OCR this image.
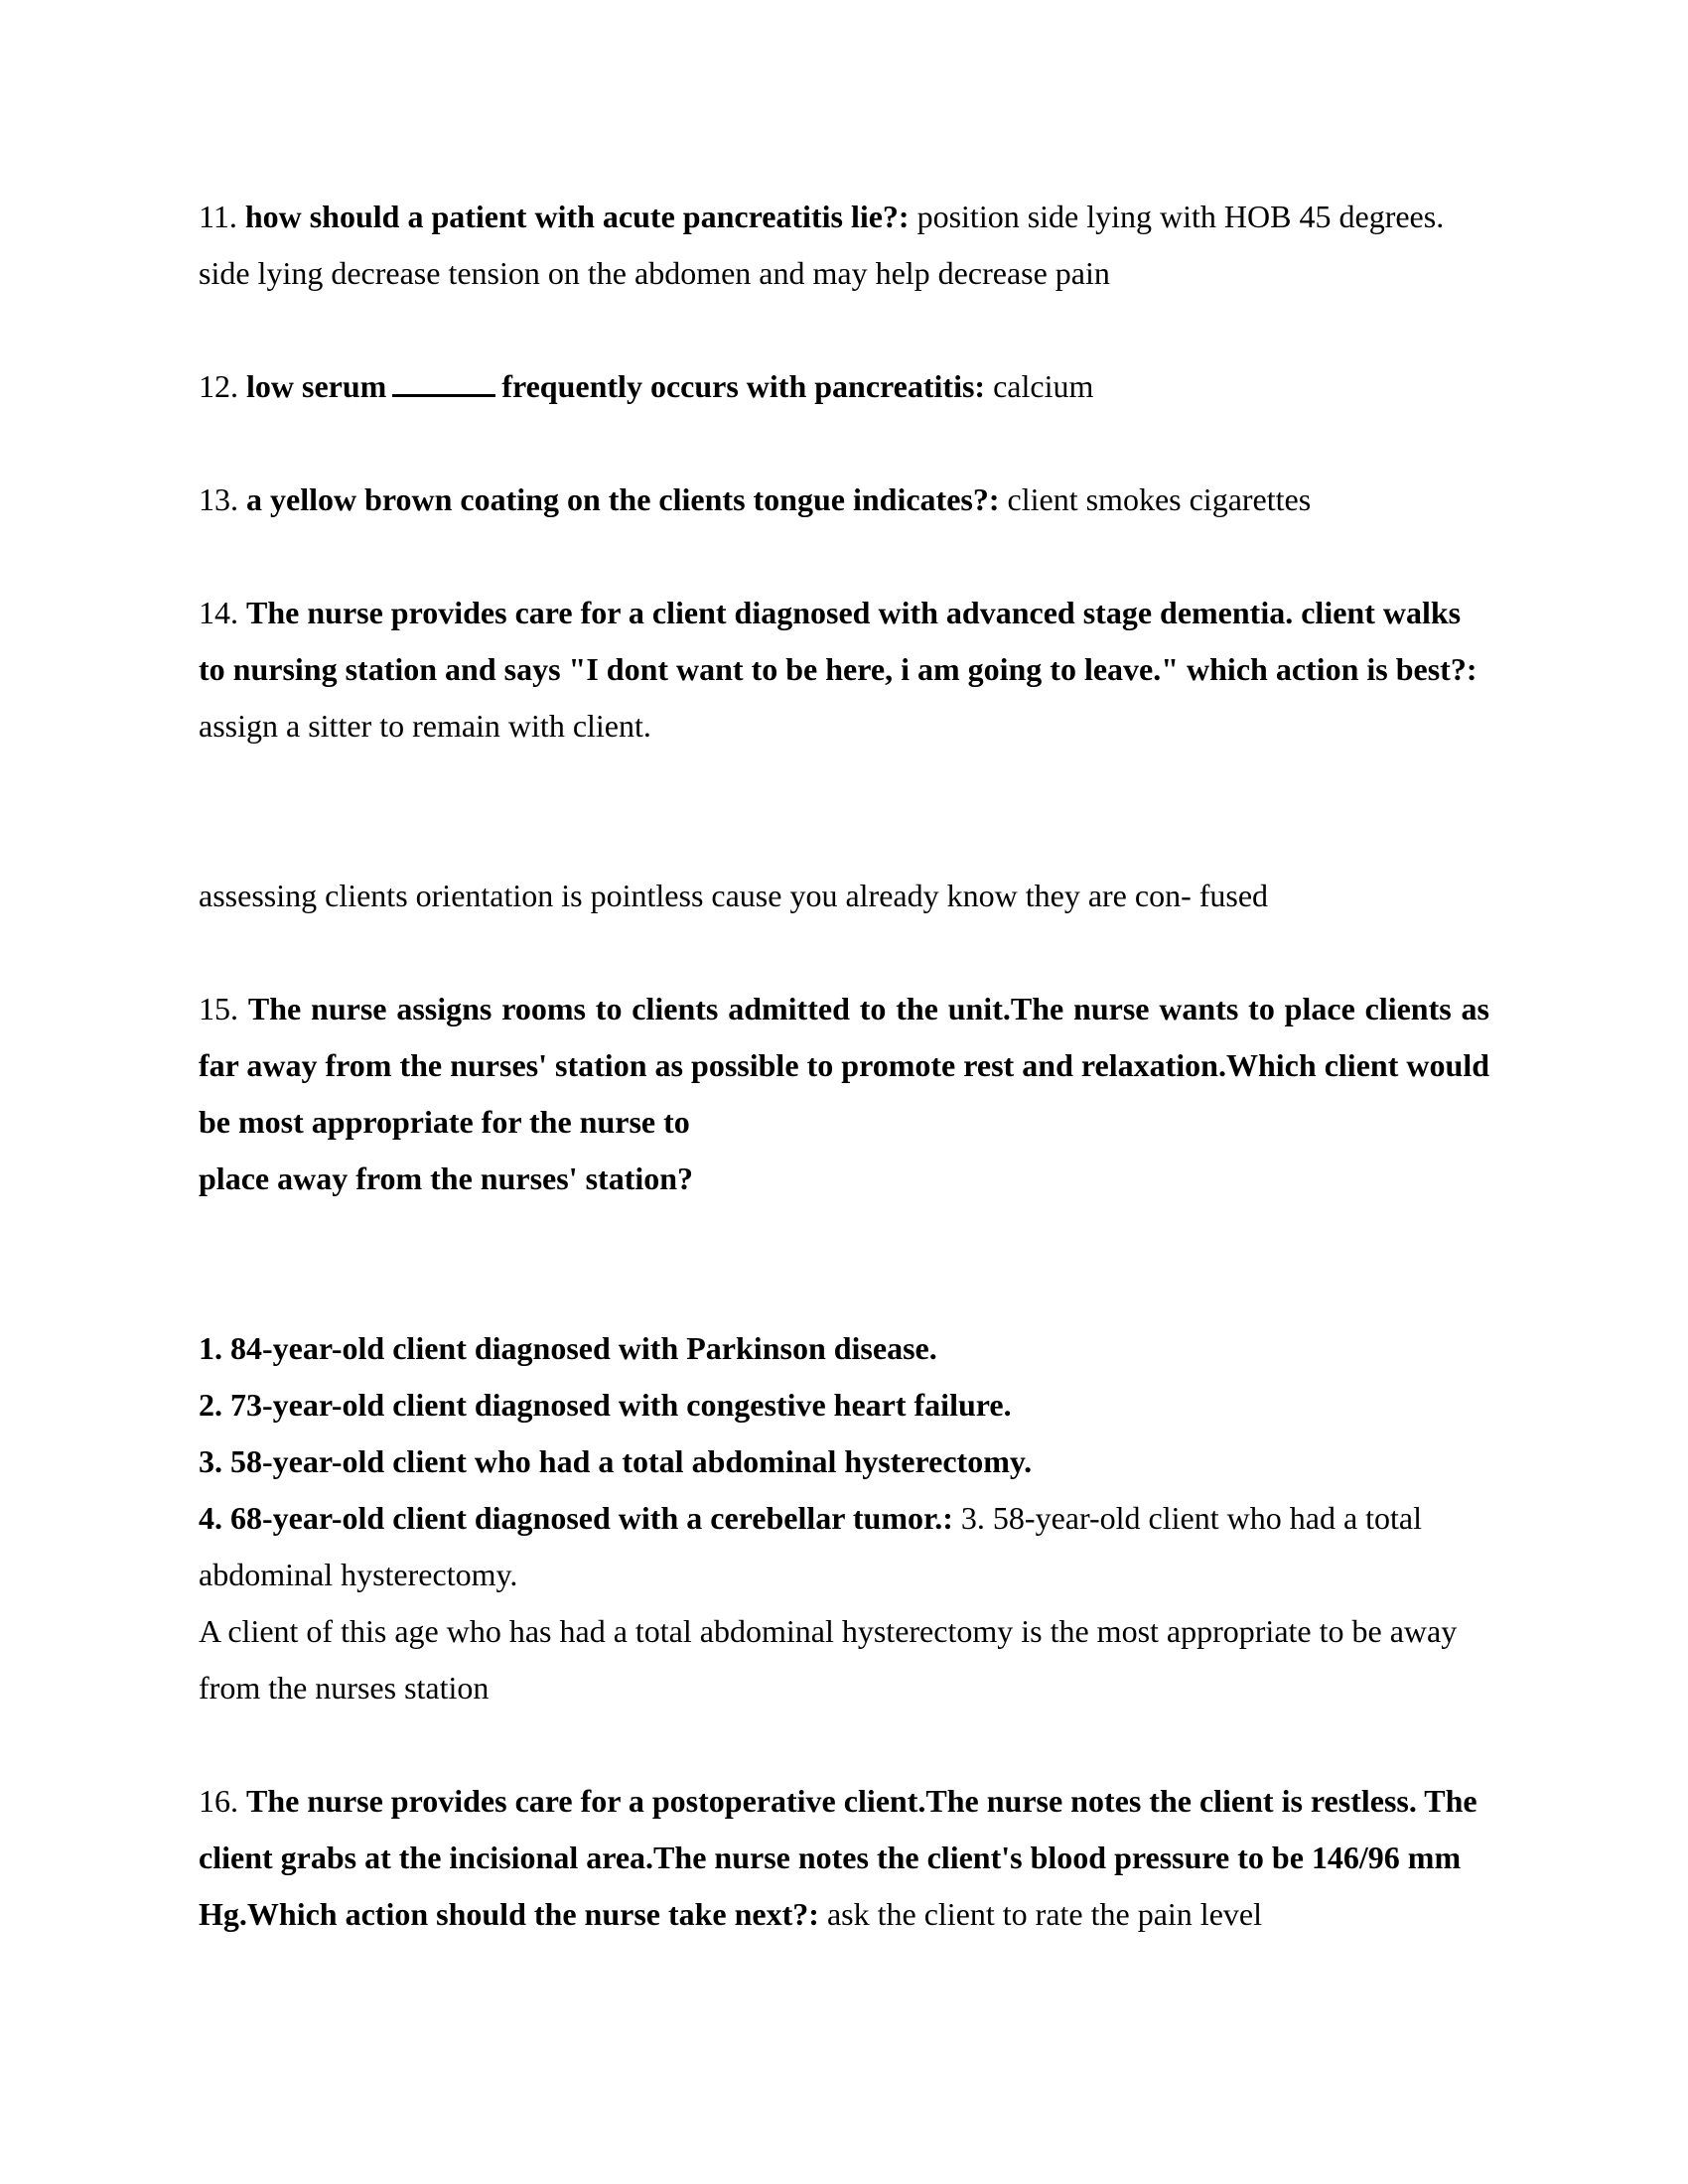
11. how should a patient with acute pancreatitis lie?: position side lying with HOB 45 degrees. side lying decrease tension on the abdomen and may help decrease pain

12. low serum	frequently occurs with pancreatitis: calcium

13. a yellow brown coating on the clients tongue indicates?: client smokes cigarettes

14. The nurse provides care for a client diagnosed with advanced stage dementia. client walks to nursing station and says "I dont want to be here, i am going to leave." which action is best?: assign a sitter to remain with client.

assessing clients orientation is pointless cause you already know they are con- fused

15. The nurse assigns rooms to clients admitted to the unit.The nurse wants to place clients as far away from the nurses' station as possible to promote rest and relaxation.Which client would be most appropriate for the nurse to
place away from the nurses' station?
1. 84-year-old client diagnosed with Parkinson disease.
2. 73-year-old client diagnosed with congestive heart failure.
3. 58-year-old client who had a total abdominal hysterectomy.
4. 68-year-old client diagnosed with a cerebellar tumor.: 3. 58-year-old client who had a total abdominal hysterectomy.
A client of this age who has had a total abdominal hysterectomy is the most appropriate to be away from the nurses station

16. The nurse provides care for a postoperative client.The nurse notes the client is restless. The client grabs at the incisional area.The nurse notes the client's blood pressure to be 146/96 mm Hg.Which action should the nurse take next?: ask the client to rate the pain level
